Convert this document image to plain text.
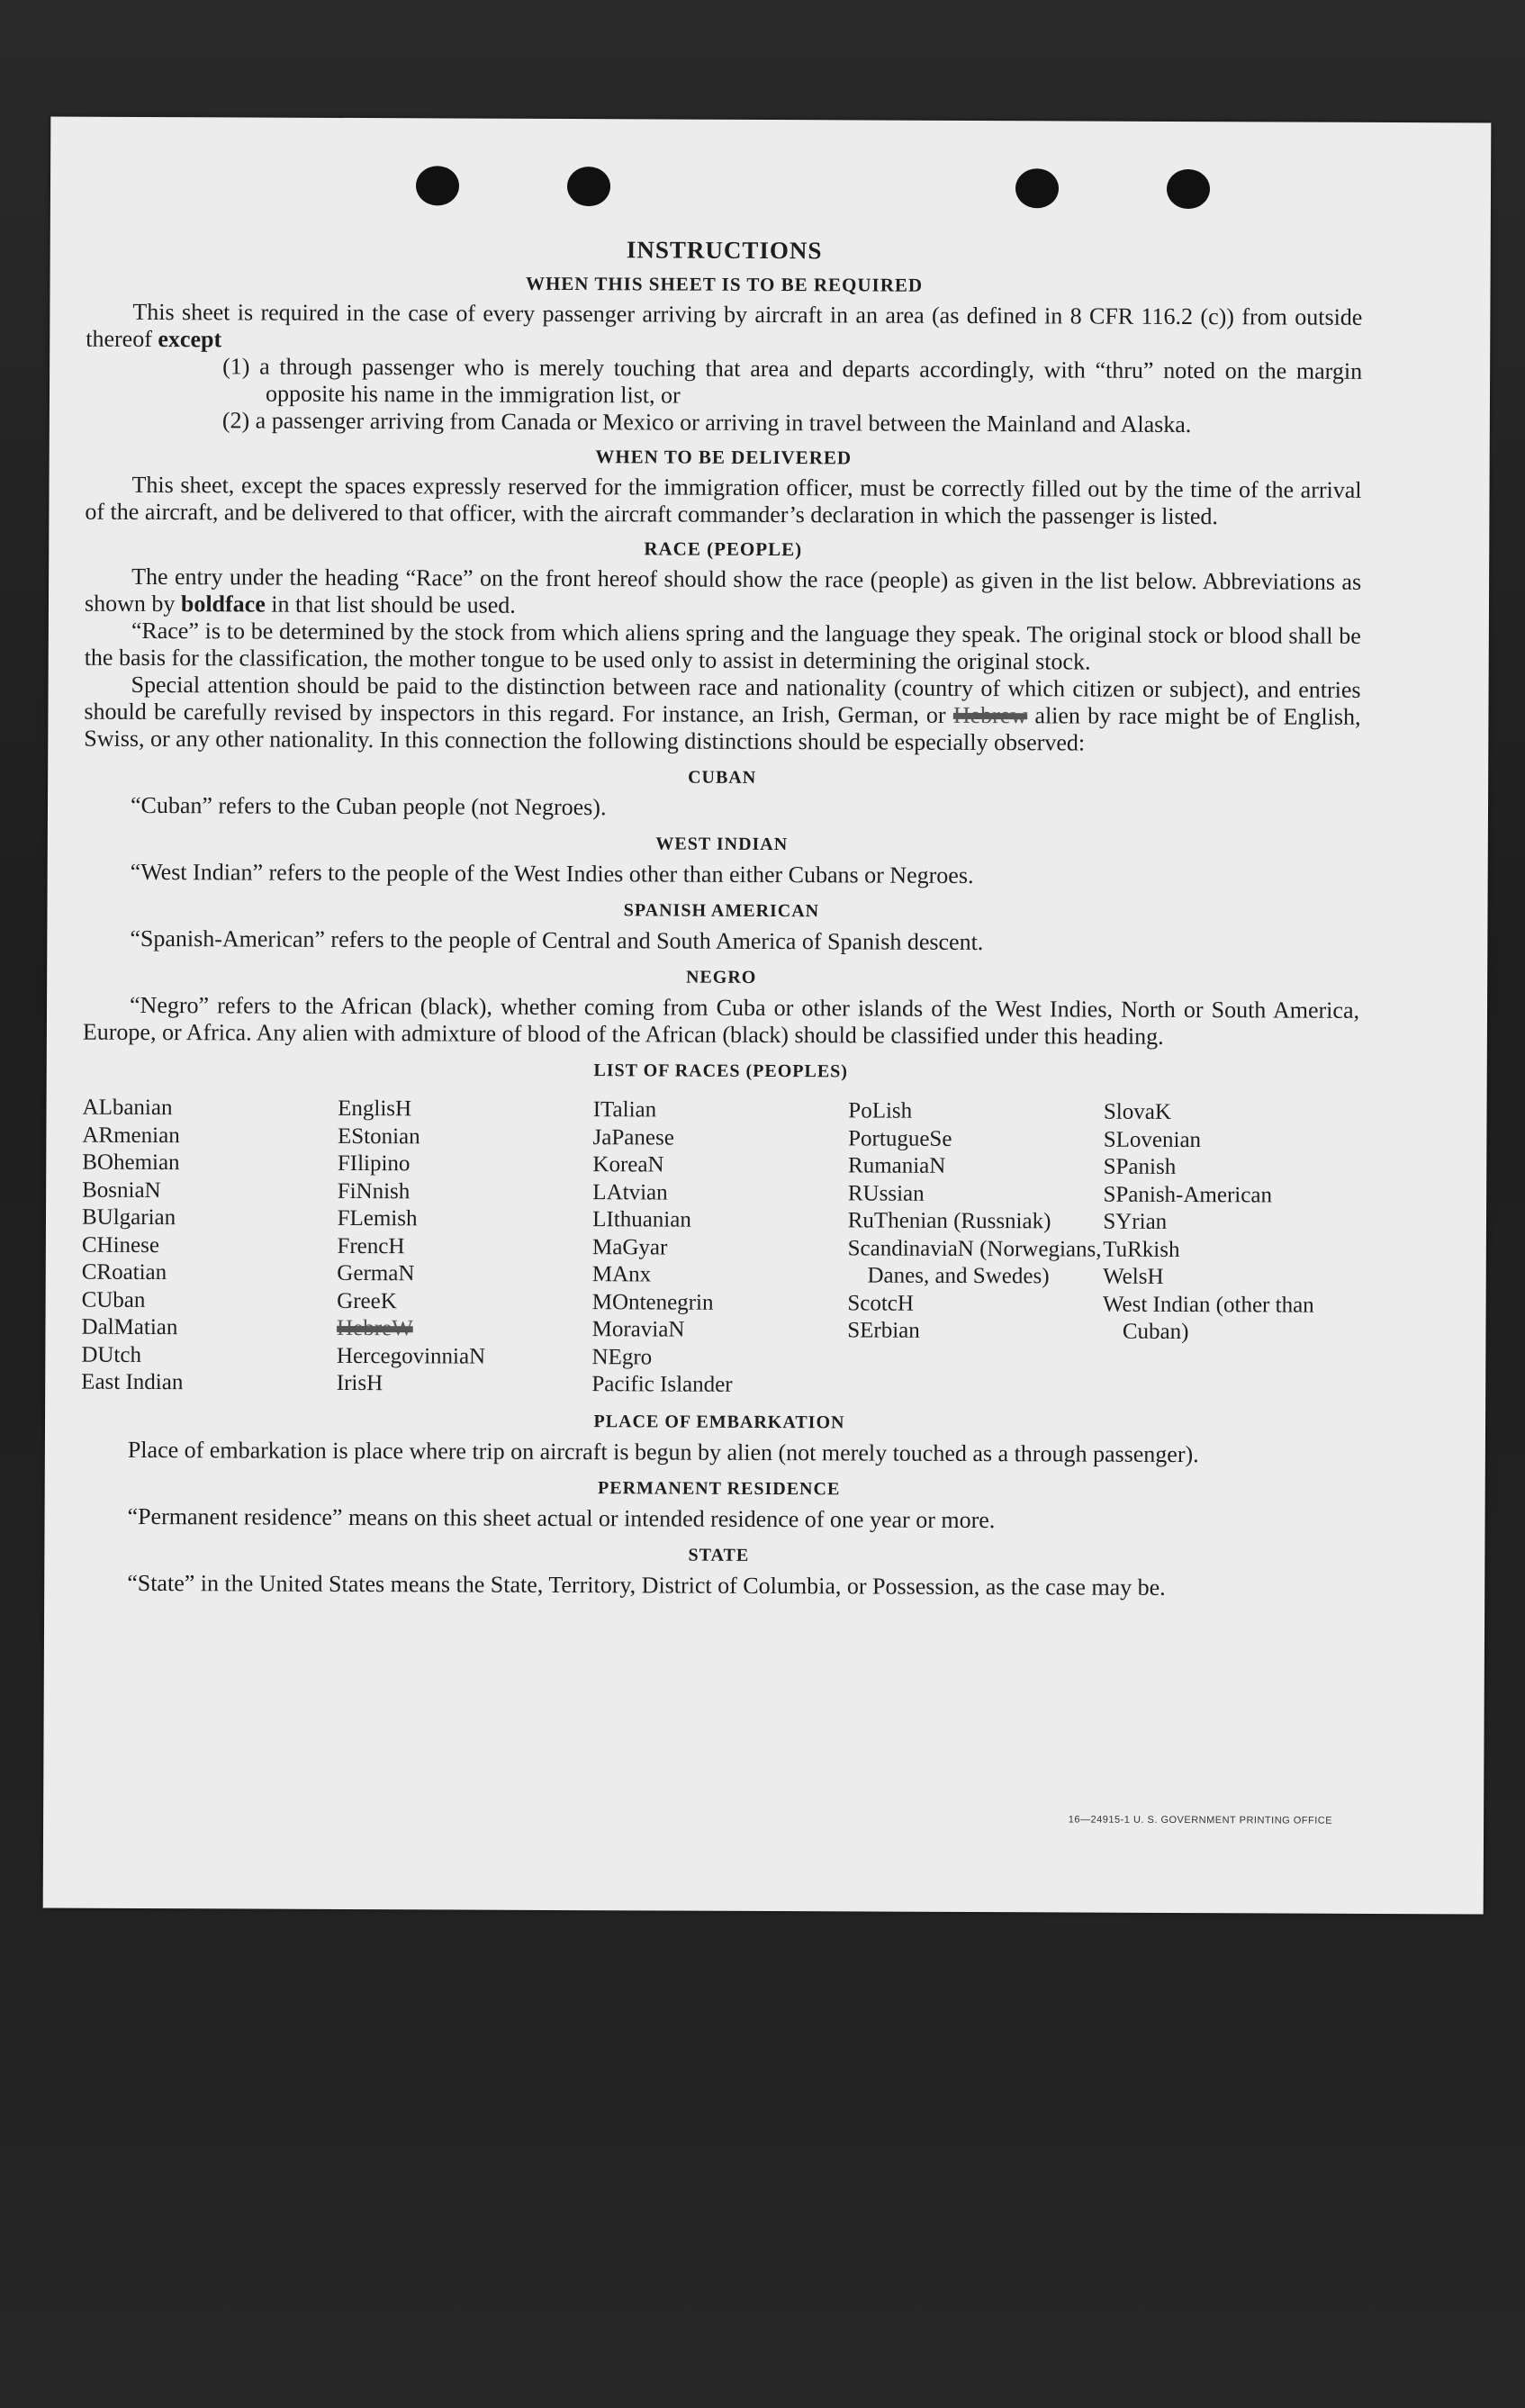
INSTRUCTIONS
WHEN THIS SHEET IS TO BE REQUIRED

This sheet is required in the case of every passenger arriving by aircraft in an area (as defined in 8 CFR 116.2 (c)) from outside thereof except

(1) a through passenger who is merely touching that area and departs accordingly, with “thru” noted on the margin opposite his name in the immigration list, or

(2) a passenger arriving from Canada or Mexico or arriving in travel between the Mainland and Alaska.

WHEN TO BE DELIVERED

This sheet, except the spaces expressly reserved for the immigration officer, must be correctly filled out by the time of the arrival of the aircraft, and be delivered to that officer, with the aircraft commander’s declaration in which the passenger is listed.

RACE (PEOPLE)

The entry under the heading “Race” on the front hereof should show the race (people) as given in the list below. Abbreviations as shown by boldface in that list should be used.

“Race” is to be determined by the stock from which aliens spring and the language they speak. The original stock or blood shall be the basis for the classification, the mother tongue to be used only to assist in determining the original stock.

Special attention should be paid to the distinction between race and nationality (country of which citizen or subject), and entries should be carefully revised by inspectors in this regard. For instance, an Irish, German, or Hebrew alien by race might be of English, Swiss, or any other nationality. In this connection the following distinctions should be especially observed:

CUBAN

“Cuban” refers to the Cuban people (not Negroes).

WEST INDIAN

“West Indian” refers to the people of the West Indies other than either Cubans or Negroes.

SPANISH AMERICAN

“Spanish-American” refers to the people of Central and South America of Spanish descent.

NEGRO

“Negro” refers to the African (black), whether coming from Cuba or other islands of the West Indies, North or South America, Europe, or Africa. Any alien with admixture of blood of the African (black) should be classified under this heading.

LIST OF RACES (PEOPLES)
ALbanian
ARmenian
BOhemian
BosniaN
BUlgarian
CHinese
CRoatian
CUban
DalMatian
DUtch
East Indian
EnglisH
EStonian
FIlipino
FiNnish
FLemish
FrencH
GermaN
GreeK
HebreW
HercegovinniaN
IrisH
ITalian
JaPanese
KoreaN
LAtvian
LIthuanian
MaGyar
MAnx
MOntenegrin
MoraviaN
NEgro
Pacific Islander
PoLish
PortugueSe
RumaniaN
RUssian
RuThenian (Russniak)
ScandinaviaN (Norwegians, Danes, and Swedes)
ScotcH
SErbian
SlovaK
SLovenian
SPanish
SPanish-American
SYrian
TuRkish
WelsH
West Indian (other than Cuban)
PLACE OF EMBARKATION

Place of embarkation is place where trip on aircraft is begun by alien (not merely touched as a through passenger).

PERMANENT RESIDENCE

“Permanent residence” means on this sheet actual or intended residence of one year or more.

STATE

“State” in the United States means the State, Territory, District of Columbia, or Possession, as the case may be.

16—24915-1 U. S. GOVERNMENT PRINTING OFFICE
